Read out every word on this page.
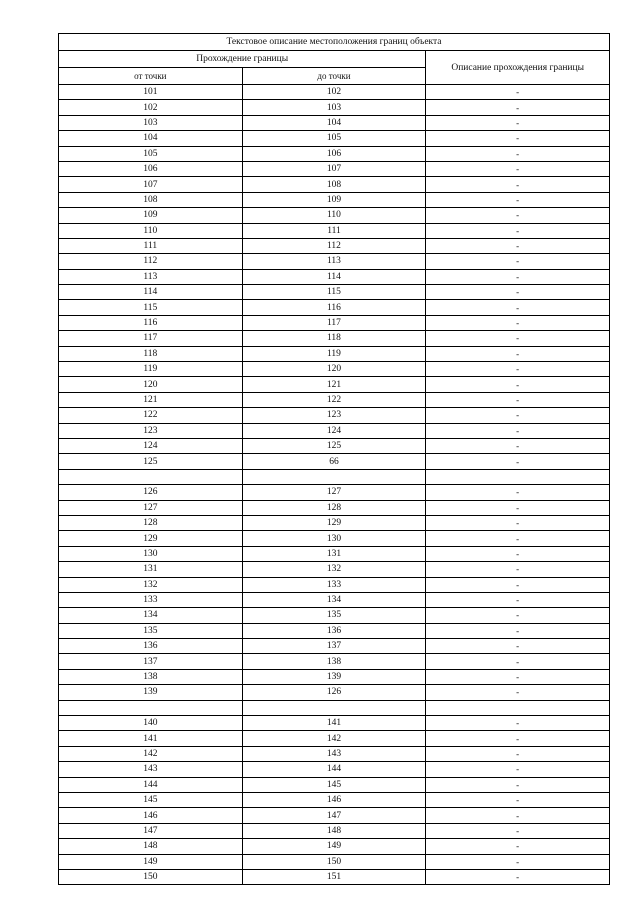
Текстовое описание местоположения границ объекта		
Прохождение границы		Описание прохождения границы
от точки	до точки	
101	102	-
102	103	-
103	104	-
104	105	-
105	106	-
106	107	-
107	108	-
108	109	-
109	110	-
110	111	-
111	112	-
112	113	-
113	114	-
114	115	-
115	116	-
116	117	-
117	118	-
118	119	-
119	120	-
120	121	-
121	122	-
122	123	-
123	124	-
124	125	-
125	66	-

126	127	-
127	128	-
128	129	-
129	130	-
130	131	-
131	132	-
132	133	-
133	134	-
134	135	-
135	136	-
136	137	-
137	138	-
138	139	-
139	126	-

140	141	-
141	142	-
142	143	-
143	144	-
144	145	-
145	146	-
146	147	-
147	148	-
148	149	-
149	150	-
150	151	-
